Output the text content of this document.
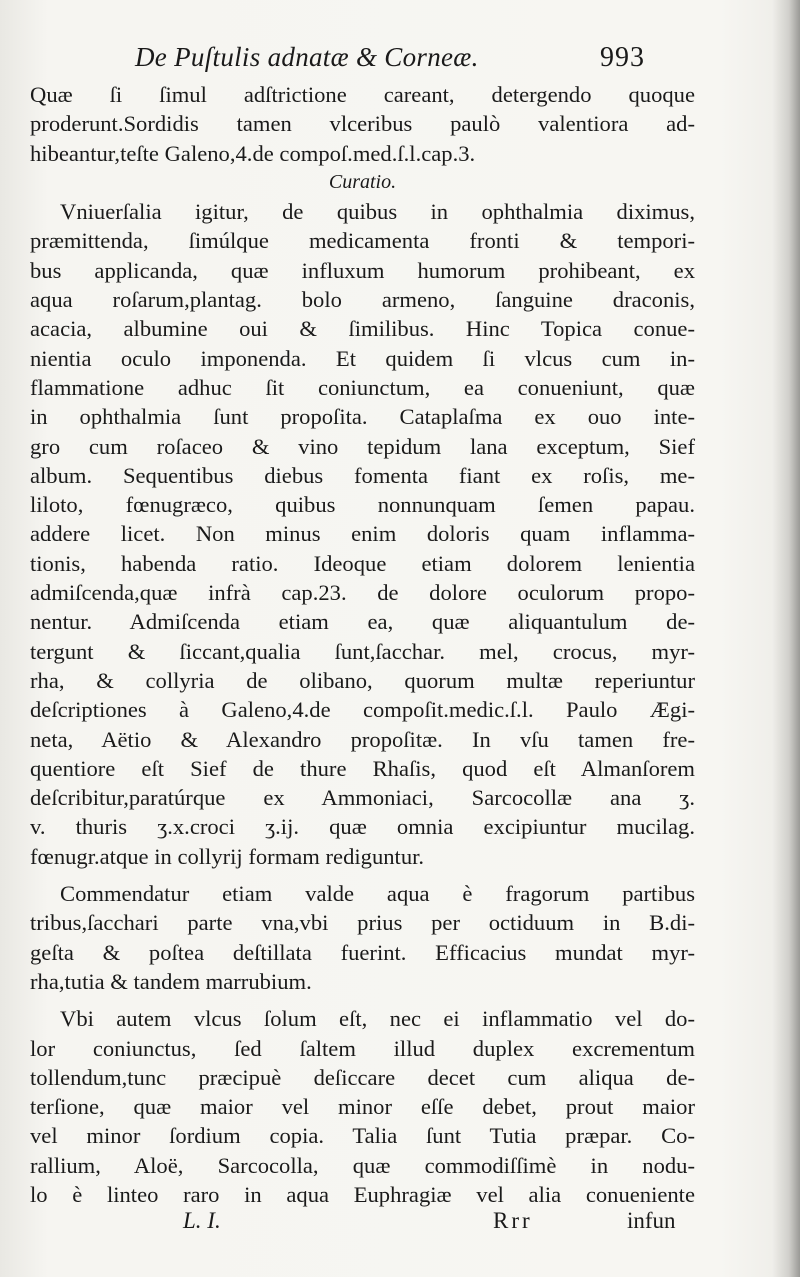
De Puſtulis adnatæ & Corneæ.	993
Quæ ſi ſimul adſtrictione careant, detergendo quoque
proderunt.Sordidis tamen vlceribus paulò valentiora ad-
hibeantur,teſte Galeno,4.de compoſ.med.ſ.l.cap.3.
Curatio.
Vniuerſalia igitur, de quibus in ophthalmia diximus,
præmittenda, ſimúlque medicamenta fronti & tempori-
bus applicanda, quæ influxum humorum prohibeant, ex
aqua roſarum,plantag. bolo armeno, ſanguine draconis,
acacia, albumine oui & ſimilibus. Hinc Topica conue-
nientia oculo imponenda. Et quidem ſi vlcus cum in-
flammatione adhuc ſit coniunctum, ea conueniunt, quæ
in ophthalmia ſunt propoſita. Cataplaſma ex ouo inte-
gro cum roſaceo & vino tepidum lana exceptum, Sief
album. Sequentibus diebus fomenta fiant ex roſis, me-
liloto, fœnugræco, quibus nonnunquam ſemen papau.
addere licet. Non minus enim doloris quam inflamma-
tionis, habenda ratio. Ideoque etiam dolorem lenientia
admiſcenda,quæ infrà cap.23. de dolore oculorum propo-
nentur. Admiſcenda etiam ea, quæ aliquantulum de-
tergunt & ſiccant,qualia ſunt,ſacchar. mel, crocus, myr-
rha, & collyria de olibano, quorum multæ reperiuntur
deſcriptiones à Galeno,4.de compoſit.medic.ſ.l. Paulo Ægi-
neta, Aëtio & Alexandro propoſitæ. In vſu tamen fre-
quentiore eſt Sief de thure Rhaſis, quod eſt Almanſorem
deſcribitur,paratúrque ex Ammoniaci, Sarcocollæ ana ʒ.
v. thuris ʒ.x.croci ʒ.ij. quæ omnia excipiuntur mucilag.
fœnugr.atque in collyrij formam rediguntur.
Commendatur etiam valde aqua è fragorum partibus
tribus,ſacchari parte vna,vbi prius per octiduum in B.di-
geſta & poſtea deſtillata fuerint. Efficacius mundat myr-
rha,tutia & tandem marrubium.
Vbi autem vlcus ſolum eſt, nec ei inflammatio vel do-
lor coniunctus, ſed ſaltem illud duplex excrementum
tollendum,tunc præcipuè deſiccare decet cum aliqua de-
terſione, quæ maior vel minor eſſe debet, prout maior
vel minor ſordium copia. Talia ſunt Tutia præpar. Co-
rallium, Aloë, Sarcocolla, quæ commodiſſimè in nodu-
lo è linteo raro in aqua Euphragiæ vel alia conueniente
L. I.	Rrr	infun
